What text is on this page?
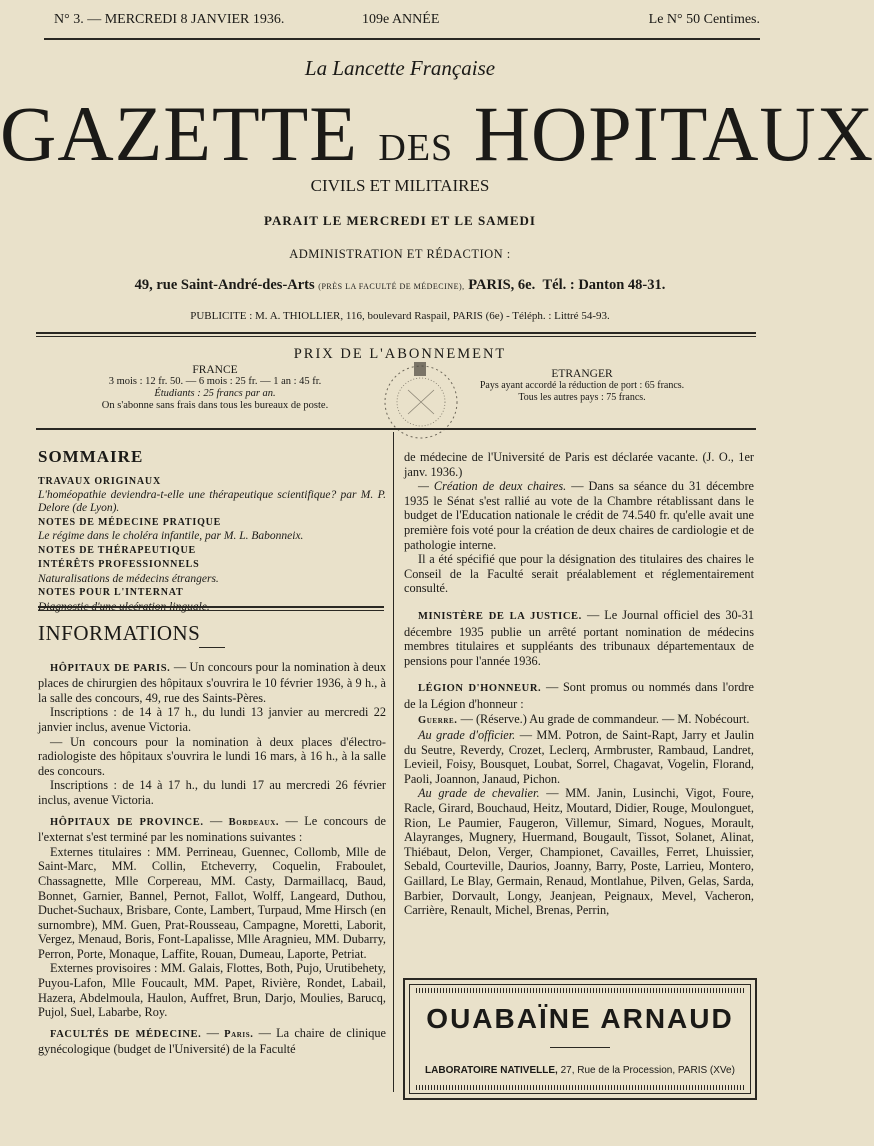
N° 3. — MERCREDI 8 JANVIER 1936.	109e ANNÉE	Le N° 50 Centimes.
La Lancette Française
GAZETTE DES HOPITAUX
CIVILS ET MILITAIRES
PARAIT LE MERCREDI ET LE SAMEDI
ADMINISTRATION ET RÉDACTION :
49, rue Saint-André-des-Arts (PRÈS LA FACULTÉ DE MÉDECINE), PARIS, 6e. Tél. : Danton 48-31.
PUBLICITE : M. A. THIOLLIER, 116, boulevard Raspail, PARIS (6e) - Téléph. : Littré 54-93.
PRIX DE L'ABONNEMENT
FRANCE
3 mois : 12 fr. 50. — 6 mois : 25 fr. — 1 an : 45 fr.
Étudiants : 25 francs par an.
On s'abonne sans frais dans tous les bureaux de poste.
ETRANGER
Pays ayant accordé la réduction de port : 65 francs.
Tous les autres pays : 75 francs.

SOMMAIRE

TRAVAUX ORIGINAUX

L'homéopathie deviendra-t-elle une thérapeutique scientifique? par M. P. Delore (de Lyon).

NOTES DE MÉDECINE PRATIQUE

Le régime dans le choléra infantile, par M. L. Babonneix.

NOTES DE THÉRAPEUTIQUE

INTÉRÊTS PROFESSIONNELS

Naturalisations de médecins étrangers.

NOTES POUR L'INTERNAT

Diagnostic d'une ulcération linguale.

INFORMATIONS

HÔPITAUX DE PARIS. — Un concours pour la nomination à deux places de chirurgien des hôpitaux s'ouvrira le 10 février 1936, à 9 h., à la salle des concours, 49, rue des Saints-Pères.

Inscriptions : de 14 à 17 h., du lundi 13 janvier au mercredi 22 janvier inclus, avenue Victoria.

— Un concours pour la nomination à deux places d'électro-radiologiste des hôpitaux s'ouvrira le lundi 16 mars, à 16 h., à la salle des concours.

Inscriptions : de 14 à 17 h., du lundi 17 au mercredi 26 février inclus, avenue Victoria.

HÔPITAUX DE PROVINCE. — Bordeaux. — Le concours de l'externat s'est terminé par les nominations suivantes :

Externes titulaires : MM. Perrineau, Guennec, Collomb, Mlle de Saint-Marc, MM. Collin, Etcheverry, Coquelin, Fraboulet, Chassagnette, Mlle Corpereau, MM. Casty, Darmaillacq, Baud, Bonnet, Garnier, Bannel, Pernot, Fallot, Wolff, Langeard, Duthou, Duchet-Suchaux, Brisbare, Conte, Lambert, Turpaud, Mme Hirsch (en surnombre), MM. Guen, Prat-Rousseau, Campagne, Moretti, Laborit, Vergez, Menaud, Boris, Font-Lapalisse, Mlle Aragnieu, MM. Dubarry, Perron, Porte, Monaque, Laffite, Rouan, Dumeau, Laporte, Petriat.

Externes provisoires : MM. Galais, Flottes, Both, Pujo, Urutibehety, Puyou-Lafon, Mlle Foucault, MM. Papet, Rivière, Rondet, Labail, Hazera, Abdelmoula, Haulon, Auffret, Brun, Darjo, Moulies, Barucq, Pujol, Suel, Labarbe, Roy.

FACULTÉS DE MÉDECINE. — Paris. — La chaire de clinique gynécologique (budget de l'Université) de la Faculté

de médecine de l'Université de Paris est déclarée vacante. (J. O., 1er janv. 1936.)

— Création de deux chaires. — Dans sa séance du 31 décembre 1935 le Sénat s'est rallié au vote de la Chambre rétablissant dans le budget de l'Education nationale le crédit de 74.540 fr. qu'elle avait une première fois voté pour la création de deux chaires de cardiologie et de pathologie interne.

Il a été spécifié que pour la désignation des titulaires des chaires le Conseil de la Faculté serait préalablement et réglementairement consulté.

MINISTÈRE DE LA JUSTICE. — Le Journal officiel des 30-31 décembre 1935 publie un arrêté portant nomination de médecins membres titulaires et suppléants des tribunaux départementaux de pensions pour l'année 1936.

LÉGION D'HONNEUR. — Sont promus ou nommés dans l'ordre de la Légion d'honneur :

Guerre. — (Réserve.) Au grade de commandeur. — M. Nobécourt.

Au grade d'officier. — MM. Potron, de Saint-Rapt, Jarry et Jaulin du Seutre, Reverdy, Crozet, Leclerq, Armbruster, Rambaud, Landret, Levieil, Foisy, Bousquet, Loubat, Sorrel, Chagavat, Vogelin, Florand, Paoli, Joannon, Janaud, Pichon.

Au grade de chevalier. — MM. Janin, Lusinchi, Vigot, Foure, Racle, Girard, Bouchaud, Heitz, Moutard, Didier, Rouge, Moulonguet, Rion, Le Paumier, Faugeron, Villemur, Simard, Nogues, Morault, Alayranges, Mugnery, Huermand, Bougault, Tissot, Solanet, Alinat, Thiébaut, Delon, Verger, Championet, Cavailles, Ferret, Lhuissier, Sebald, Courteville, Daurios, Joanny, Barry, Poste, Larrieu, Montero, Gaillard, Le Blay, Germain, Renaud, Montlahue, Pilven, Gelas, Sarda, Barbier, Dorvault, Longy, Jeanjean, Peignaux, Mevel, Vacheron, Carrière, Renault, Michel, Brenas, Perrin,

OUABAÏNE ARNAUD
LABORATOIRE NATIVELLE, 27, Rue de la Procession, PARIS (XVe)
